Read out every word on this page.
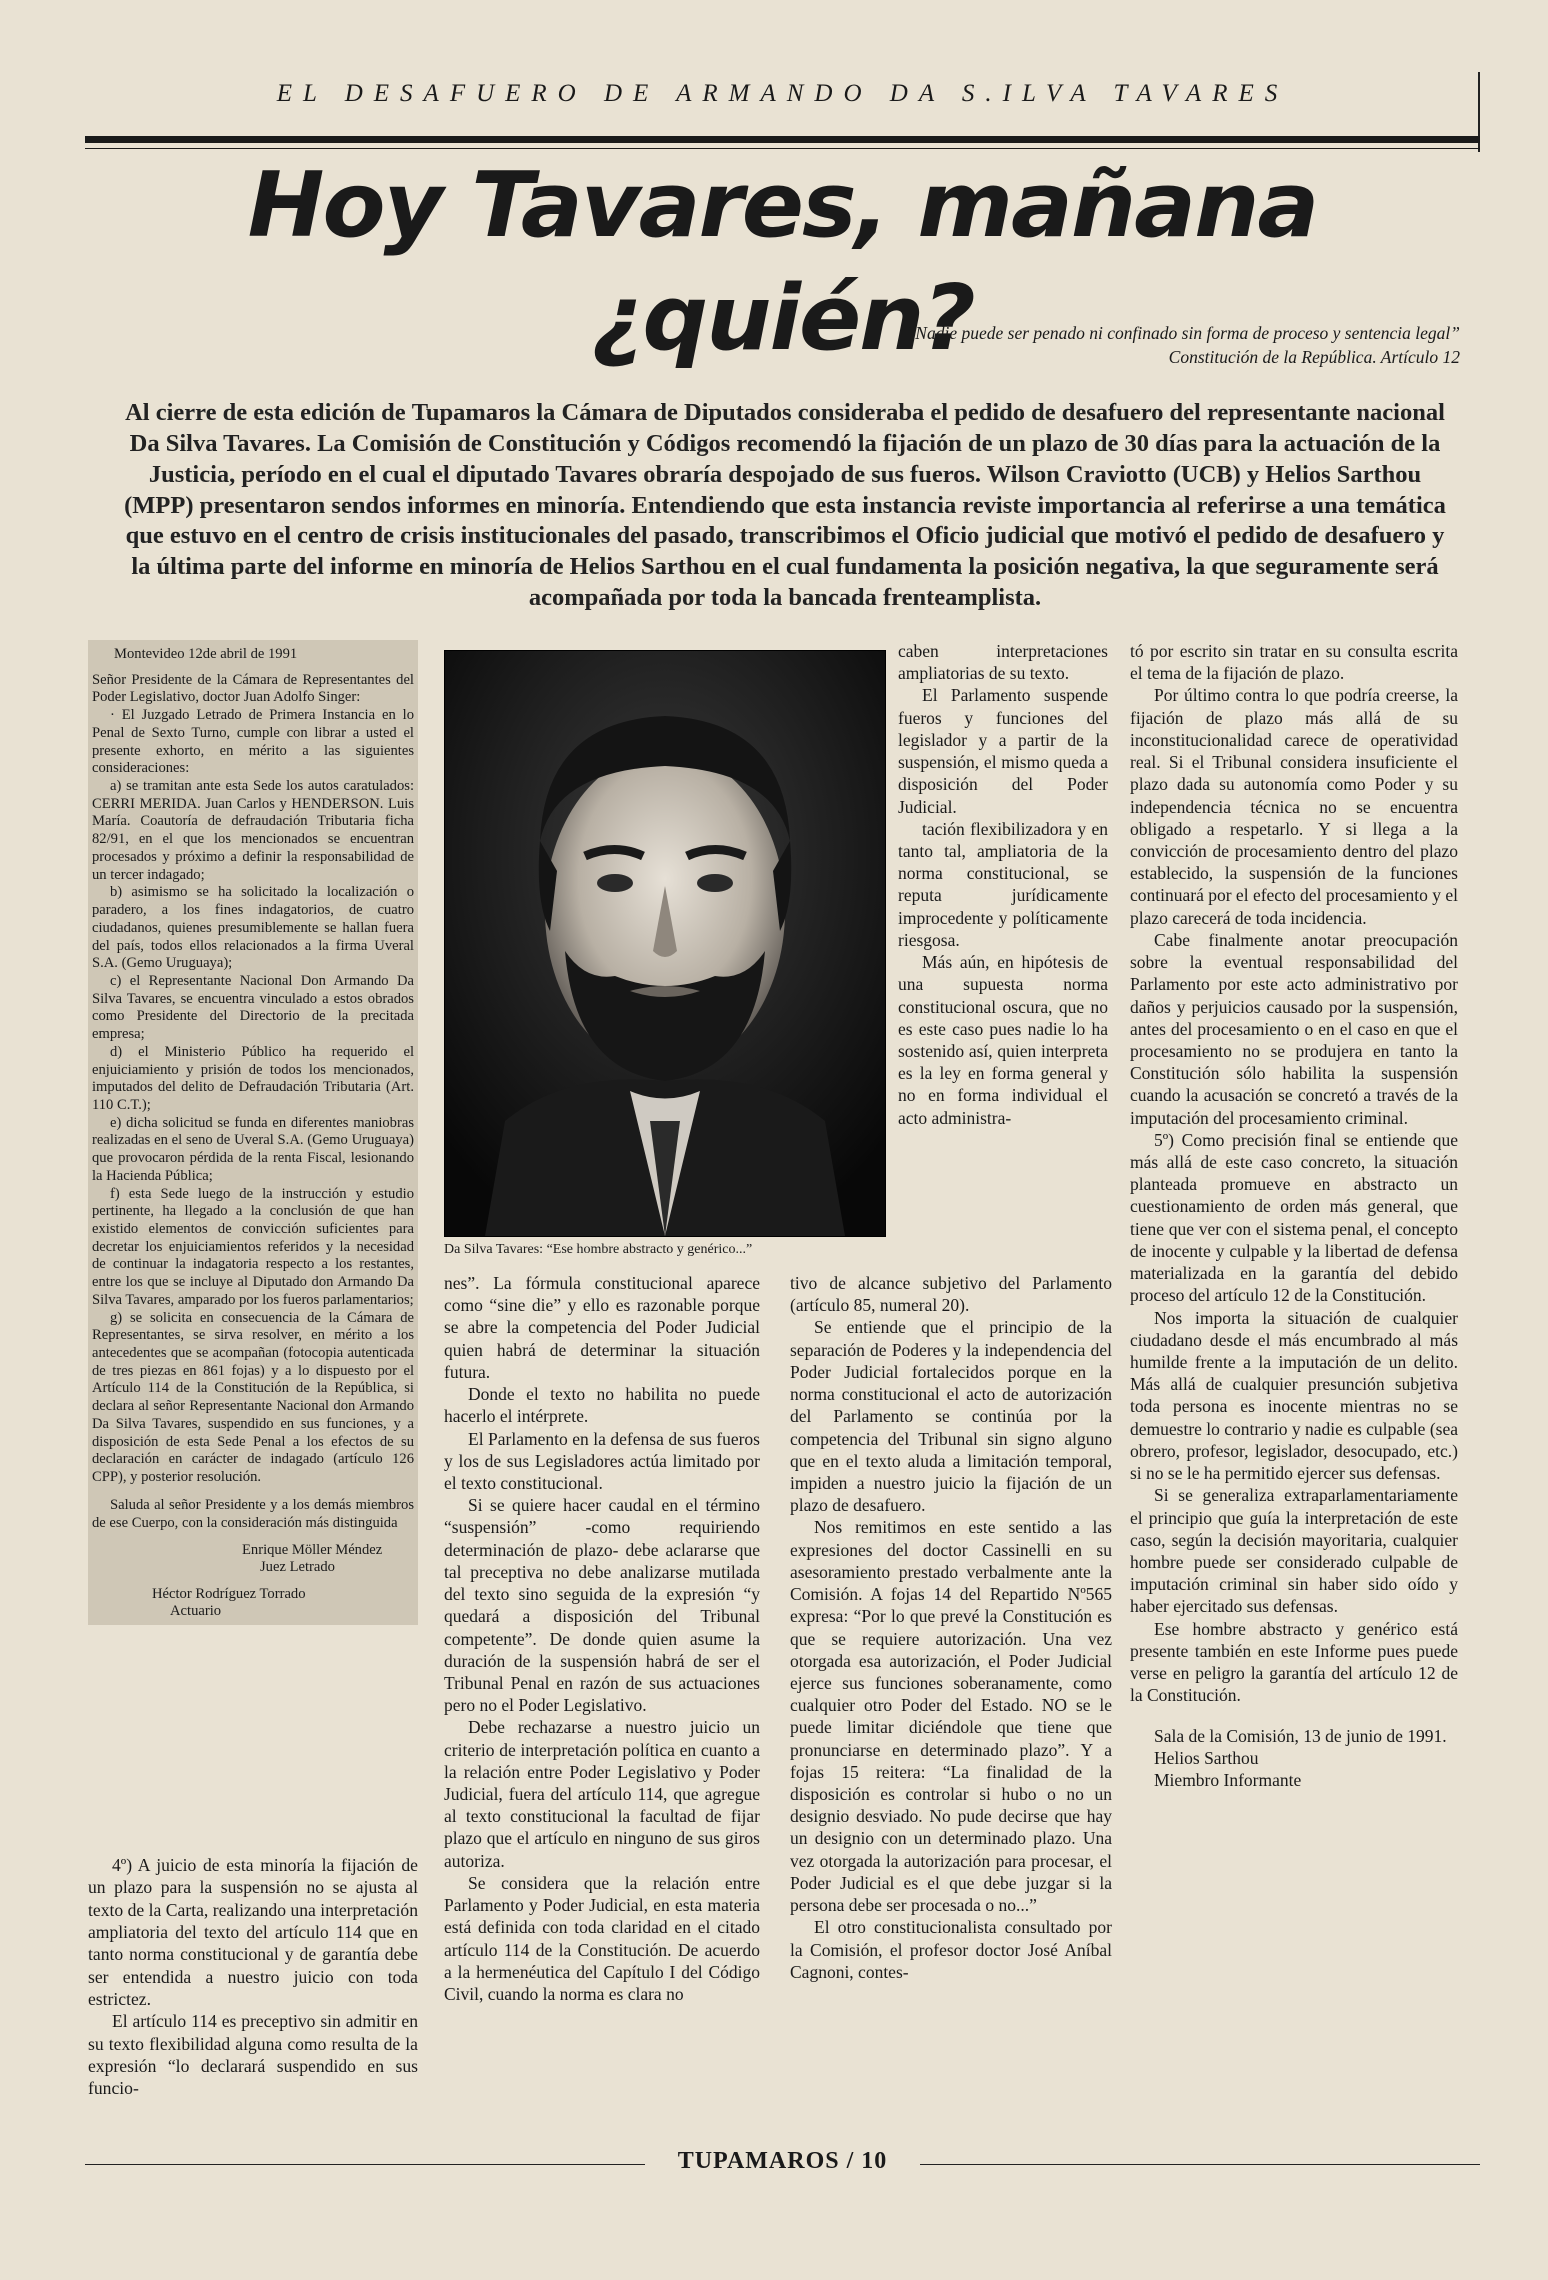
EL DESAFUERO DE ARMANDO DA S.ILVA TAVARES
Hoy Tavares, mañana ¿quién?
“Nadie puede ser penado ni confinado sin forma de proceso y sentencia legal”
Constitución de la República. Artículo 12
Al cierre de esta edición de Tupamaros la Cámara de Diputados consideraba el pedido de desafuero del representante nacional Da Silva Tavares. La Comisión de Constitución y Códigos recomendó la fijación de un plazo de 30 días para la actuación de la Justicia, período en el cual el diputado Tavares obraría despojado de sus fueros. Wilson Craviotto (UCB) y Helios Sarthou (MPP) presentaron sendos informes en minoría. Entendiendo que esta instancia reviste importancia al referirse a una temática que estuvo en el centro de crisis institucionales del pasado, transcribimos el Oficio judicial que motivó el pedido de desafuero y la última parte del informe en minoría de Helios Sarthou en el cual fundamenta la posición negativa, la que seguramente será acompañada por toda la bancada frenteamplista.

Montevideo 12de abril de 1991

Señor Presidente de la Cámara de Representantes del Poder Legislativo, doctor Juan Adolfo Singer:

· El Juzgado Letrado de Primera Instancia en lo Penal de Sexto Turno, cumple con librar a usted el presente exhorto, en mérito a las siguientes consideraciones:

a) se tramitan ante esta Sede los autos caratulados: CERRI MERIDA. Juan Carlos y HENDERSON. Luis María. Coautoría de defraudación Tributaria ficha 82/91, en el que los mencionados se encuentran procesados y próximo a definir la responsabilidad de un tercer indagado;

b) asimismo se ha solicitado la localización o paradero, a los fines indagatorios, de cuatro ciudadanos, quienes presumiblemente se hallan fuera del país, todos ellos relacionados a la firma Uveral S.A. (Gemo Uruguaya);

c) el Representante Nacional Don Armando Da Silva Tavares, se encuentra vinculado a estos obrados como Presidente del Directorio de la precitada empresa;

d) el Ministerio Público ha requerido el enjuiciamiento y prisión de todos los mencionados, imputados del delito de Defraudación Tributaria (Art. 110 C.T.);

e) dicha solicitud se funda en diferentes maniobras realizadas en el seno de Uveral S.A. (Gemo Uruguaya) que provocaron pérdida de la renta Fiscal, lesionando la Hacienda Pública;

f) esta Sede luego de la instrucción y estudio pertinente, ha llegado a la conclusión de que han existido elementos de convicción suficientes para decretar los enjuiciamientos referidos y la necesidad de continuar la indagatoria respecto a los restantes, entre los que se incluye al Diputado don Armando Da Silva Tavares, amparado por los fueros parlamentarios;

g) se solicita en consecuencia de la Cámara de Representantes, se sirva resolver, en mérito a los antecedentes que se acompañan (fotocopia autenticada de tres piezas en 861 fojas) y a lo dispuesto por el Artículo 114 de la Constitución de la República, si declara al señor Representante Nacional don Armando Da Silva Tavares, suspendido en sus funciones, y a disposición de esta Sede Penal a los efectos de su declaración en carácter de indagado (artículo 126 CPP), y posterior resolución.

Saluda al señor Presidente y a los demás miembros de ese Cuerpo, con la consideración más distinguida

Enrique Möller Méndez
Juez Letrado

Héctor Rodríguez Torrado
Actuario

4º) A juicio de esta minoría la fijación de un plazo para la suspensión no se ajusta al texto de la Carta, realizando una interpretación ampliatoria del texto del artículo 114 que en tanto norma constitucional y de garantía debe ser entendida a nuestro juicio con toda estrictez.

El artículo 114 es preceptivo sin admitir en su texto flexibilidad alguna como resulta de la expresión “lo declarará suspendido en sus funcio-

Da Silva Tavares: “Ese hombre abstracto y genérico...”

nes”. La fórmula constitucional aparece como “sine die” y ello es razonable porque se abre la competencia del Poder Judicial quien habrá de determinar la situación futura.

Donde el texto no habilita no puede hacerlo el intérprete.

El Parlamento en la defensa de sus fueros y los de sus Legisladores actúa limitado por el texto constitucional.

Si se quiere hacer caudal en el término “suspensión” -como requiriendo determinación de plazo- debe aclararse que tal preceptiva no debe analizarse mutilada del texto sino seguida de la expresión “y quedará a disposición del Tribunal competente”. De donde quien asume la duración de la suspensión habrá de ser el Tribunal Penal en razón de sus actuaciones pero no el Poder Legislativo.

Debe rechazarse a nuestro juicio un criterio de interpretación política en cuanto a la relación entre Poder Legislativo y Poder Judicial, fuera del artículo 114, que agregue al texto constitucional la facultad de fijar plazo que el artículo en ninguno de sus giros autoriza.

Se considera que la relación entre Parlamento y Poder Judicial, en esta materia está definida con toda claridad en el citado artículo 114 de la Constitución. De acuerdo a la hermenéutica del Capítulo I del Código Civil, cuando la norma es clara no

caben interpretaciones ampliatorias de su texto.

El Parlamento suspende fueros y funciones del legislador y a partir de la suspensión, el mismo queda a disposición del Poder Judicial.

tación flexibilizadora y en tanto tal, ampliatoria de la norma constitucional, se reputa jurídicamente improcedente y políticamente riesgosa.

Más aún, en hipótesis de una supuesta norma constitucional oscura, que no es este caso pues nadie lo ha sostenido así, quien interpreta es la ley en forma general y no en forma individual el acto administra-

tivo de alcance subjetivo del Parlamento (artículo 85, numeral 20).

Se entiende que el principio de la separación de Poderes y la independencia del Poder Judicial fortalecidos porque en la norma constitucional el acto de autorización del Parlamento se continúa por la competencia del Tribunal sin signo alguno que en el texto aluda a limitación temporal, impiden a nuestro juicio la fijación de un plazo de desafuero.

Nos remitimos en este sentido a las expresiones del doctor Cassinelli en su asesoramiento prestado verbalmente ante la Comisión. A fojas 14 del Repartido Nº565 expresa: “Por lo que prevé la Constitución es que se requiere autorización. Una vez otorgada esa autorización, el Poder Judicial ejerce sus funciones soberanamente, como cualquier otro Poder del Estado. NO se le puede limitar diciéndole que tiene que pronunciarse en determinado plazo”. Y a fojas 15 reitera: “La finalidad de la disposición es controlar si hubo o no un designio desviado. No pude decirse que hay un designio con un determinado plazo. Una vez otorgada la autorización para procesar, el Poder Judicial es el que debe juzgar si la persona debe ser procesada o no...”

El otro constitucionalista consultado por la Comisión, el profesor doctor José Aníbal Cagnoni, contes-

tó por escrito sin tratar en su consulta escrita el tema de la fijación de plazo.

Por último contra lo que podría creerse, la fijación de plazo más allá de su inconstitucionalidad carece de operatividad real. Si el Tribunal considera insuficiente el plazo dada su autonomía como Poder y su independencia técnica no se encuentra obligado a respetarlo. Y si llega a la convicción de procesamiento dentro del plazo establecido, la suspensión de la funciones continuará por el efecto del procesamiento y el plazo carecerá de toda incidencia.

Cabe finalmente anotar preocupación sobre la eventual responsabilidad del Parlamento por este acto administrativo por daños y perjuicios causado por la suspensión, antes del procesamiento o en el caso en que el procesamiento no se produjera en tanto la Constitución sólo habilita la suspensión cuando la acusación se concretó a través de la imputación del procesamiento criminal.

5º) Como precisión final se entiende que más allá de este caso concreto, la situación planteada promueve en abstracto un cuestionamiento de orden más general, que tiene que ver con el sistema penal, el concepto de inocente y culpable y la libertad de defensa materializada en la garantía del debido proceso del artículo 12 de la Constitución.

Nos importa la situación de cualquier ciudadano desde el más encumbrado al más humilde frente a la imputación de un delito. Más allá de cualquier presunción subjetiva toda persona es inocente mientras no se demuestre lo contrario y nadie es culpable (sea obrero, profesor, legislador, desocupado, etc.) si no se le ha permitido ejercer sus defensas.

Si se generaliza extraparlamentariamente el principio que guía la interpretación de este caso, según la decisión mayoritaria, cualquier hombre puede ser considerado culpable de imputación criminal sin haber sido oído y haber ejercitado sus defensas.

Ese hombre abstracto y genérico está presente también en este Informe pues puede verse en peligro la garantía del artículo 12 de la Constitución.

Sala de la Comisión, 13 de junio de 1991.

Helios Sarthou

Miembro Informante

TUPAMAROS / 10
